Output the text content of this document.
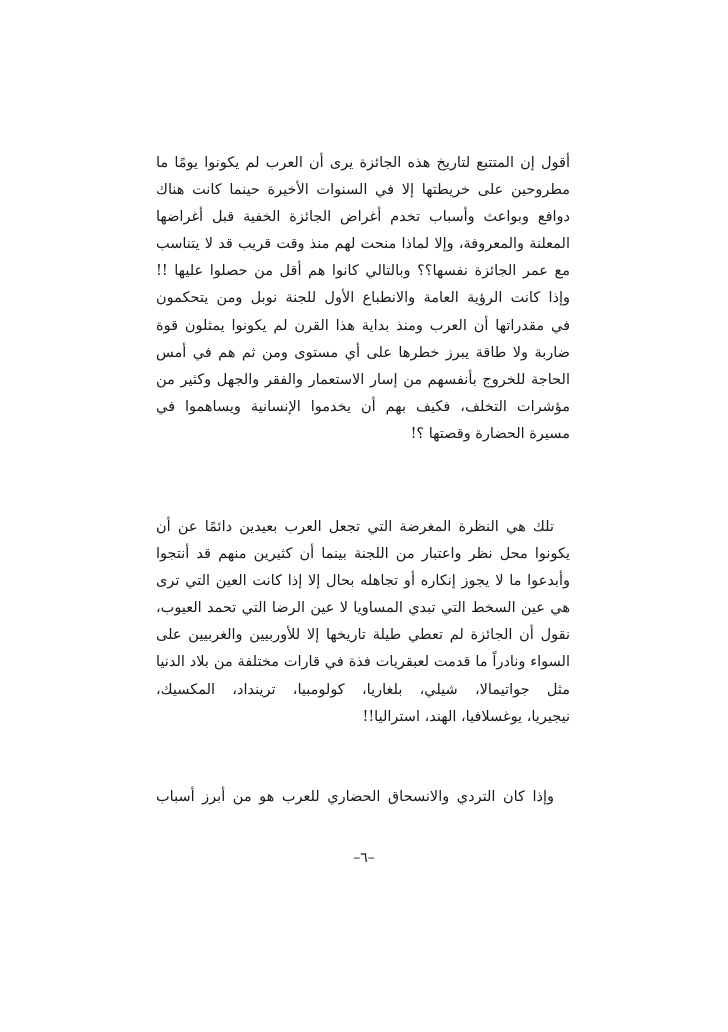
أقول إن المتتبع لتاريخ هذه الجائزة يرى أن العرب لم يكونوا يومًا ما
مطروحين على خريطتها إلا في السنوات الأخيرة حينما كانت هناك
دوافع وبواعث وأسباب تخدم أغراض الجائزة الخفية قبل أغراضها
المعلنة والمعروفة، وإلا لماذا منحت لهم منذ وقت قريب قد لا يتناسب
مع عمر الجائزة نفسها؟؟ وبالتالي كانوا هم أقل من حصلوا عليها !!
وإذا كانت الرؤية العامة والانطباع الأول للجنة نوبل ومن يتحكمون
في مقدراتها أن العرب ومنذ بداية هذا القرن لم يكونوا يمثلون قوة
ضاربة ولا طاقة يبرز خطرها على أي مستوى ومن ثم هم في أمس
الحاجة للخروج بأنفسهم من إسار الاستعمار والفقر والجهل وكثير من
مؤشرات التخلف، فكيف بهم أن يخدموا الإنسانية ويساهموا في
مسيرة الحضارة وقصتها ؟!
تلك هي النظرة المغرضة التي تجعل العرب بعيدين دائمًا عن أن
يكونوا محل نظر واعتبار من اللجنة بينما أن كثيرين منهم قد أنتجوا
وأبدعوا ما لا يجوز إنكاره أو تجاهله بحال إلا إذا كانت العين التي ترى
هي عين السخط التي تبدي المساويا لا عين الرضا التي تحمد العيوب،
نقول أن الجائزة لم تعطي طيلة تاريخها إلا للأوربيين والغربيين على
السواء ونادراً ما قدمت لعبقريات فذة في قارات مختلفة من بلاد الدنيا
مثل جواتيمالا، شيلي، بلغاريا، كولومبيا، ترينداد، المكسيك،
نيجيريا، يوغسلافيا، الهند، استراليا!!
وإذا كان التردي والانسحاق الحضاري للعرب هو من أبرز أسباب
–٦–
